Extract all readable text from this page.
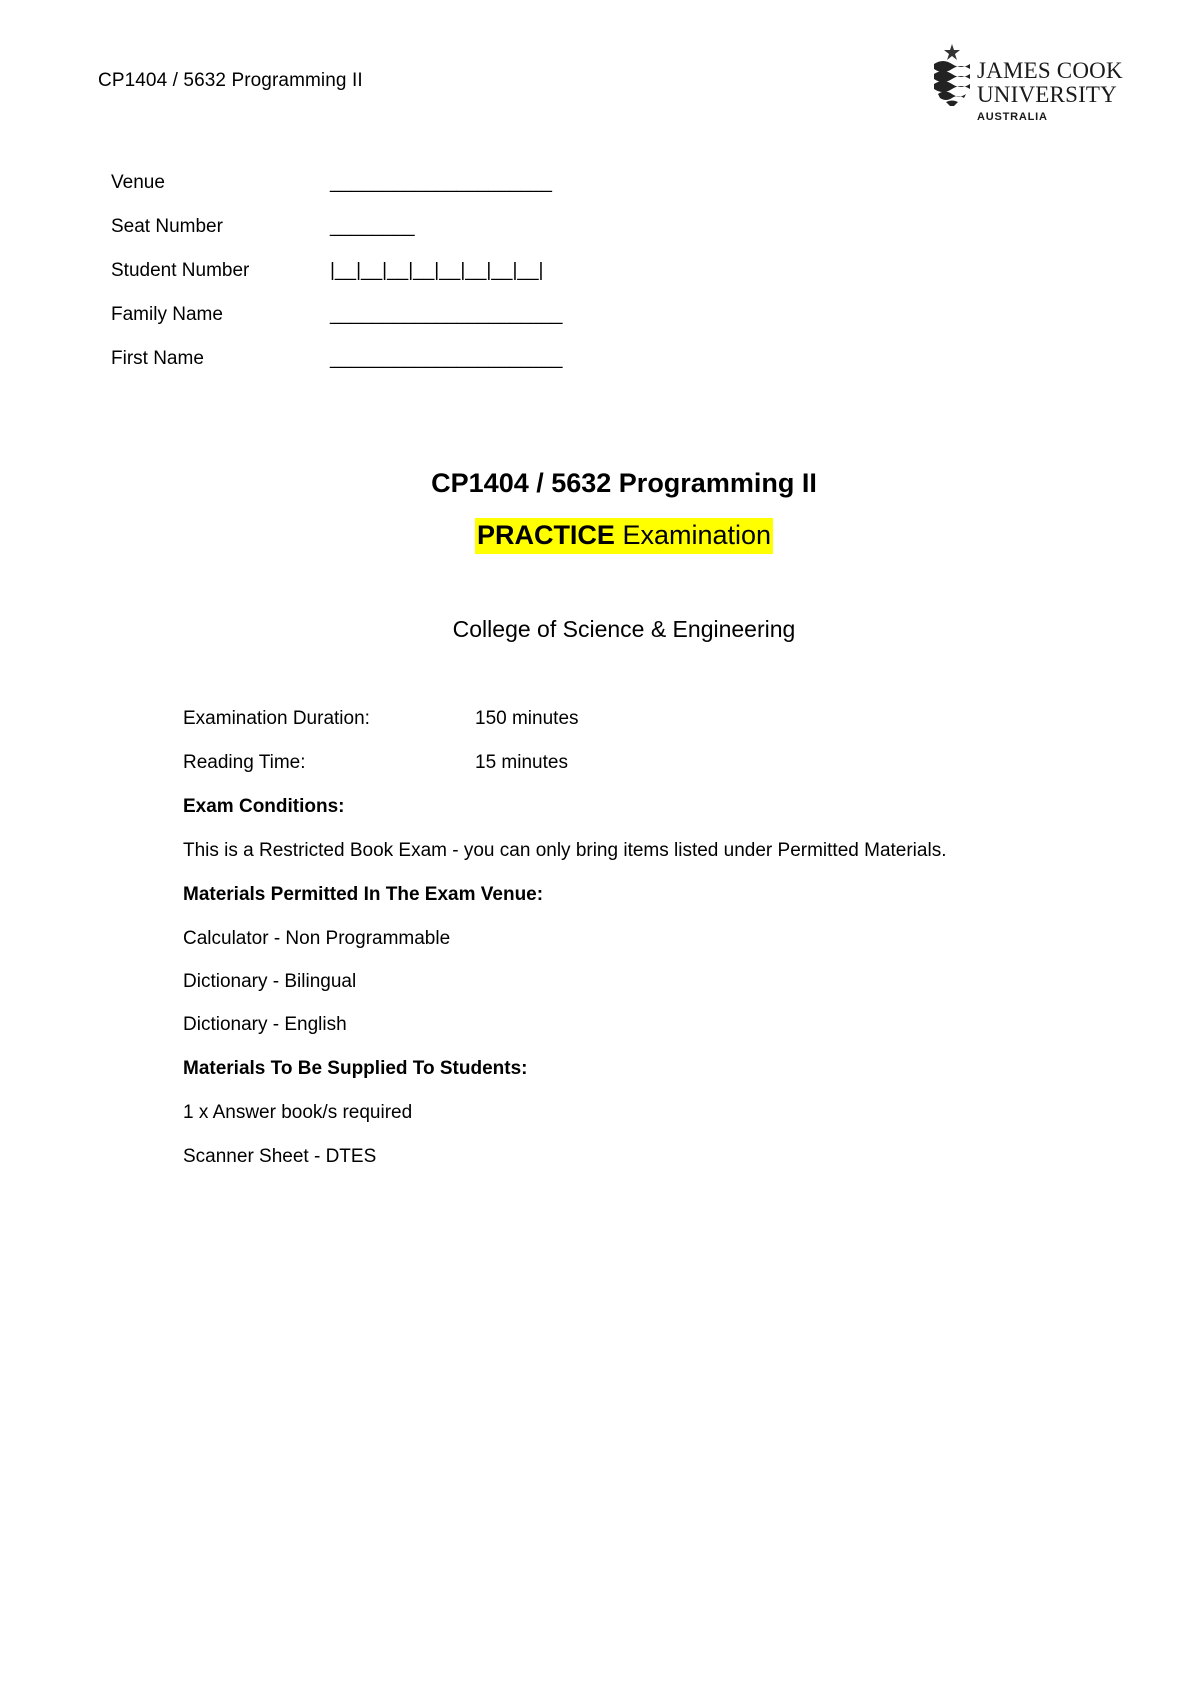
CP1404 / 5632 Programming II	JAMES COOK
UNIVERSITY
AUSTRALIA
Venue	_____________________
Seat Number	________
Student Number	|__|__|__|__|__|__|__|__|
Family Name	______________________
First Name	______________________
CP1404 / 5632 Programming II
PRACTICE Examination
College of Science & Engineering
Examination Duration:	150 minutes
Reading Time:	15 minutes
Exam Conditions:
This is a Restricted Book Exam - you can only bring items listed under Permitted Materials.
Materials Permitted In The Exam Venue:
Calculator - Non Programmable
Dictionary - Bilingual
Dictionary - English
Materials To Be Supplied To Students:
1 x Answer book/s required
Scanner Sheet - DTES
